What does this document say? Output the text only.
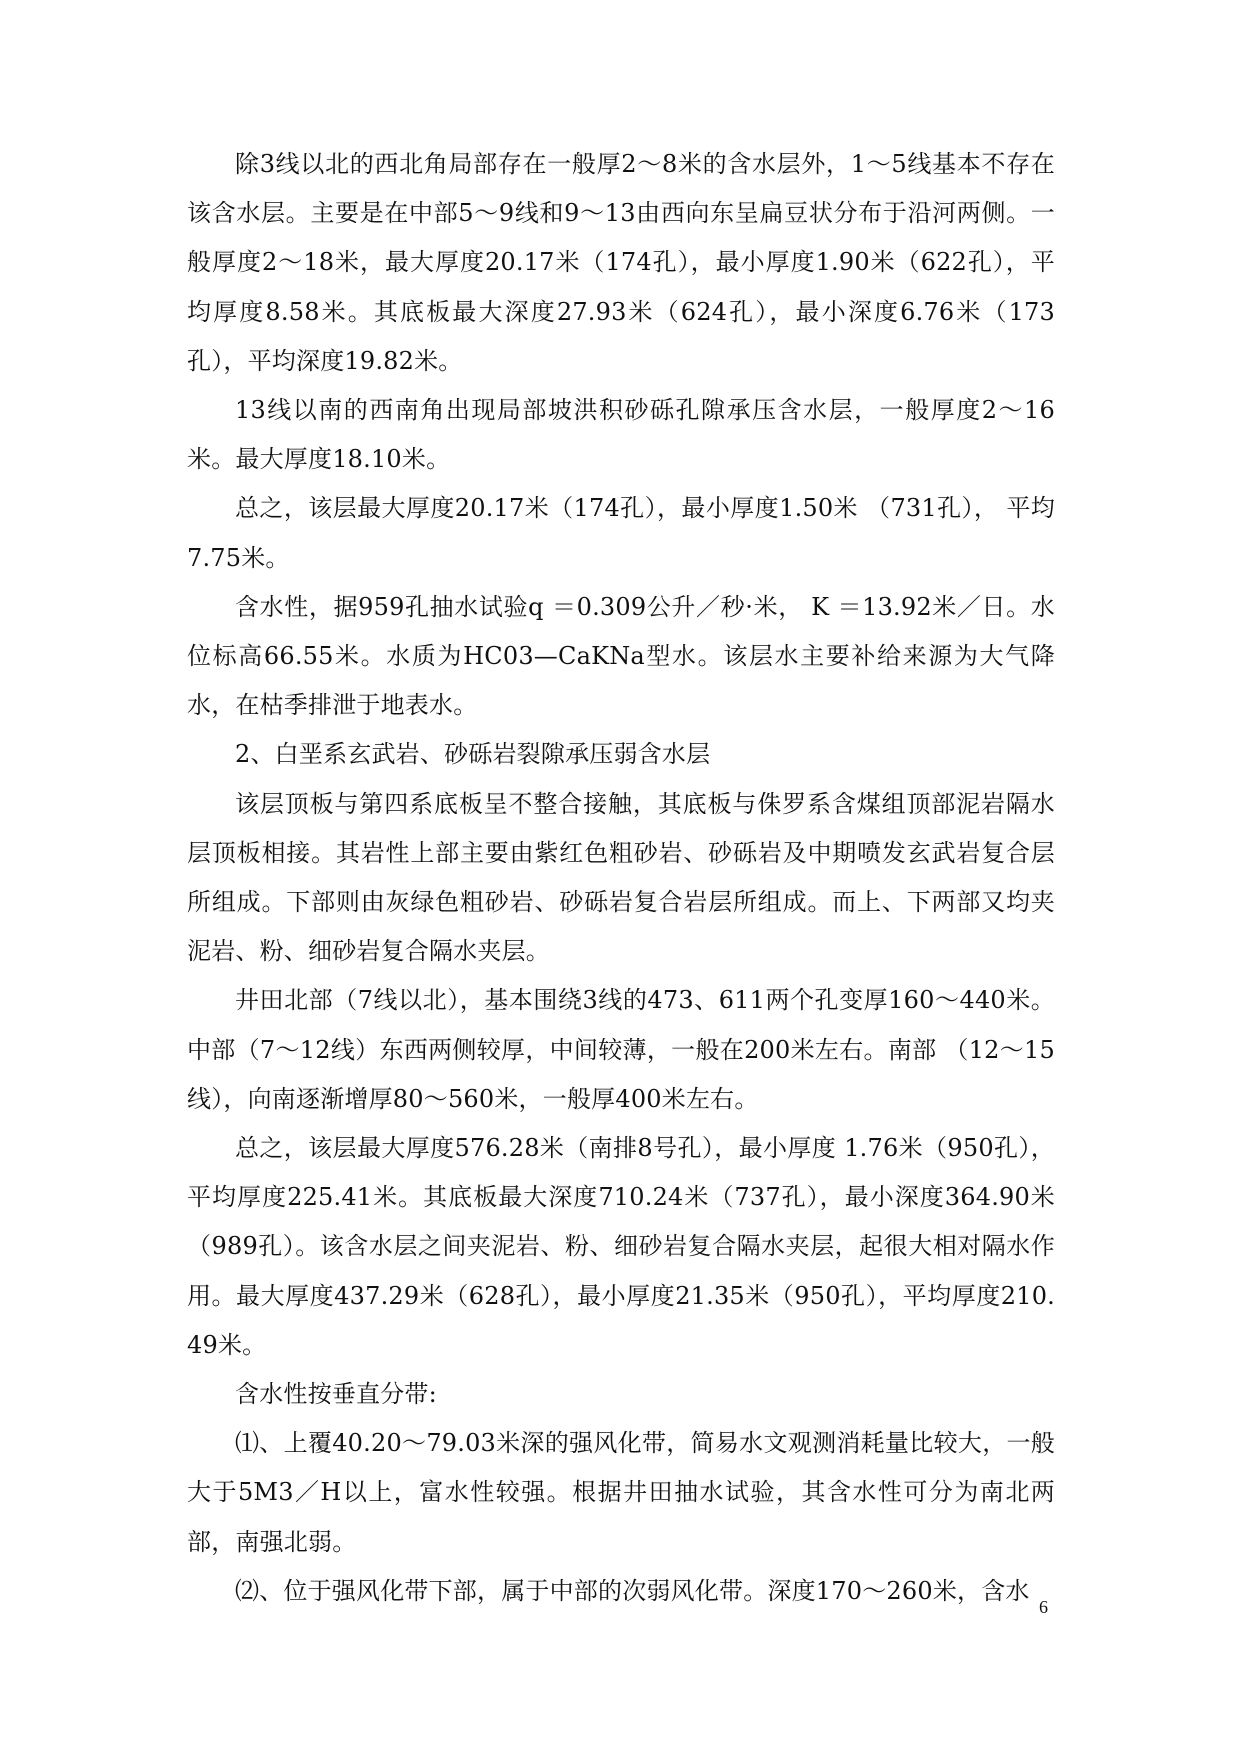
除3线以北的西北角局部存在一般厚2～8米的含水层外，1～5线基本不存在该含水层。主要是在中部5～9线和9～13由西向东呈扁豆状分布于沿河两侧。一般厚度2～18米，最大厚度20.17米（174孔），最小厚度1.90米（622孔），平均厚度8.58米。其底板最大深度27.93米（624孔），最小深度6.76米（173孔），平均深度19.82米。

13线以南的西南角出现局部坡洪积砂砾孔隙承压含水层，一般厚度2～16米。最大厚度18.10米。

总之，该层最大厚度20.17米（174孔），最小厚度1.50米 （731孔）， 平均7.75米。

含水性，据959孔抽水试验q ＝0.309公升／秒·米， K ＝13.92米／日。水位标高66.55米。水质为HC03—CaKNa型水。该层水主要补给来源为大气降水，在枯季排泄于地表水。

2、白垩系玄武岩、砂砾岩裂隙承压弱含水层

该层顶板与第四系底板呈不整合接触，其底板与侏罗系含煤组顶部泥岩隔水层顶板相接。其岩性上部主要由紫红色粗砂岩、砂砾岩及中期喷发玄武岩复合层所组成。下部则由灰绿色粗砂岩、砂砾岩复合岩层所组成。而上、下两部又均夹泥岩、粉、细砂岩复合隔水夹层。

井田北部（7线以北），基本围绕3线的473、611两个孔变厚160～440米。中部（7～12线）东西两侧较厚，中间较薄，一般在200米左右。南部 （12～15线），向南逐渐增厚80～560米，一般厚400米左右。

总之，该层最大厚度576.28米（南排8号孔），最小厚度 1.76米（950孔），平均厚度225.41米。其底板最大深度710.24米（737孔），最小深度364.90米（989孔）。该含水层之间夹泥岩、粉、细砂岩复合隔水夹层，起很大相对隔水作用。最大厚度437.29米（628孔），最小厚度21.35米（950孔），平均厚度210.49米。

含水性按垂直分带:

⑴、上覆40.20～79.03米深的强风化带，简易水文观测消耗量比较大，一般大于5M3／H以上，富水性较强。根据井田抽水试验，其含水性可分为南北两部，南强北弱。

⑵、位于强风化带下部，属于中部的次弱风化带。深度170～260米，含水

6
